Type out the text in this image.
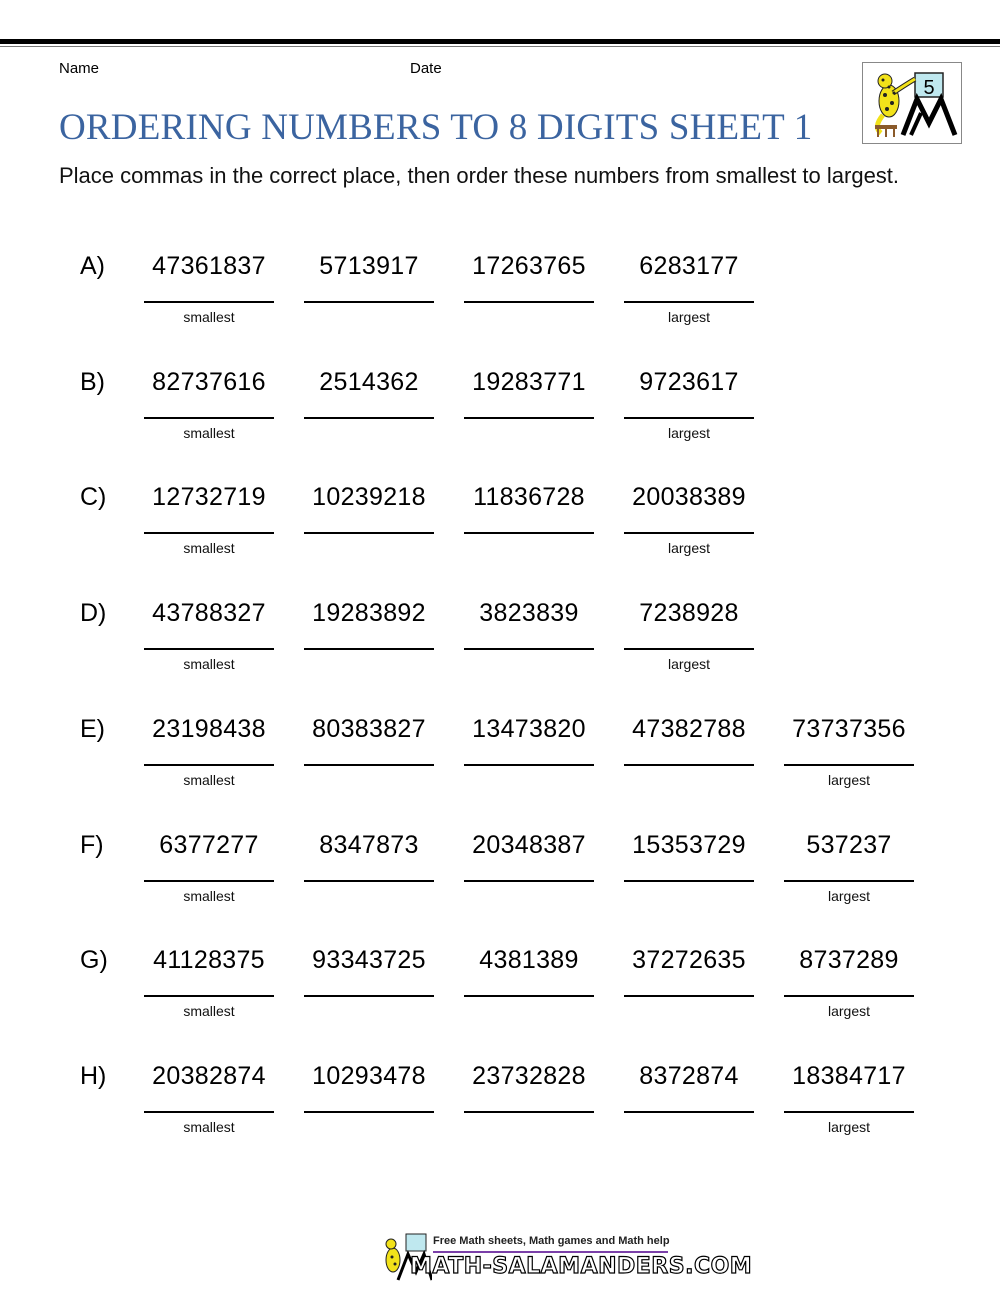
Name	Date
ORDERING NUMBERS TO 8 DIGITS SHEET 1
5

Place commas in the correct place, then order these numbers from smallest to largest.

A)	47361837
smallest
5713917	17263765	6283177
largest
B)	82737616
smallest
2514362	19283771	9723617
largest
C)	12732719
smallest
10239218	11836728	20038389
largest
D)	43788327
smallest
19283892	3823839	7238928
largest
E)	23198438
smallest
80383827	13473820	47382788	73737356
largest
F)	6377277
smallest
8347873	20348387	15353729	537237
largest
G)	41128375
smallest
93343725	4381389	37272635	8737289
largest
H)	20382874
smallest
10293478	23732828	8372874	18384717
largest
Free Math sheets, Math games and Math help
MATH-SALAMANDERS.COM
